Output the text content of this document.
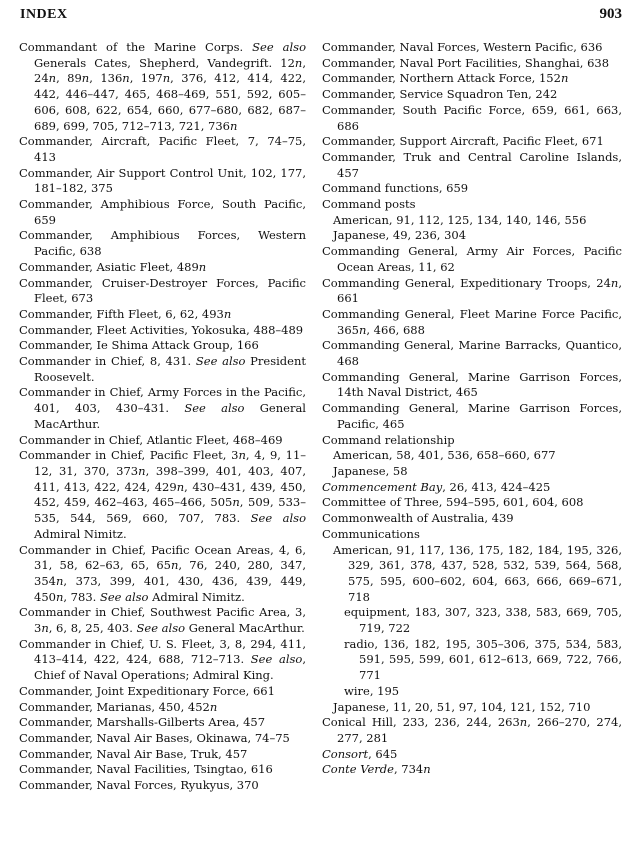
INDEX	903

Commandant of the Marine Corps. See also Generals Cates, Shepherd, Vandegrift. 12n, 24n, 89n, 136n, 197n, 376, 412, 414, 422, 442, 446–447, 465, 468–469, 551, 592, 605–606, 608, 622, 654, 660, 677–680, 682, 687–689, 699, 705, 712–713, 721, 736n

Commander, Aircraft, Pacific Fleet, 7, 74–75, 413

Commander, Air Support Control Unit, 102, 177, 181–182, 375

Commander, Amphibious Force, South Pacific, 659

Commander, Amphibious Forces, Western Pacific, 638

Commander, Asiatic Fleet, 489n

Commander, Cruiser-Destroyer Forces, Pacific Fleet, 673

Commander, Fifth Fleet, 6, 62, 493n

Commander, Fleet Activities, Yokosuka, 488–489

Commander, Ie Shima Attack Group, 166

Commander in Chief, 8, 431. See also President Roosevelt.

Commander in Chief, Army Forces in the Pacific, 401, 403, 430–431. See also General MacArthur.

Commander in Chief, Atlantic Fleet, 468–469

Commander in Chief, Pacific Fleet, 3n, 4, 9, 11–12, 31, 370, 373n, 398–399, 401, 403, 407, 411, 413, 422, 424, 429n, 430–431, 439, 450, 452, 459, 462–463, 465–466, 505n, 509, 533–535, 544, 569, 660, 707, 783. See also Admiral Nimitz.

Commander in Chief, Pacific Ocean Areas, 4, 6, 31, 58, 62–63, 65, 65n, 76, 240, 280, 347, 354n, 373, 399, 401, 430, 436, 439, 449, 450n, 783. See also Admiral Nimitz.

Commander in Chief, Southwest Pacific Area, 3, 3n, 6, 8, 25, 403. See also General MacArthur.

Commander in Chief, U. S. Fleet, 3, 8, 294, 411, 413–414, 422, 424, 688, 712–713. See also, Chief of Naval Operations; Admiral King.

Commander, Joint Expeditionary Force, 661

Commander, Marianas, 450, 452n

Commander, Marshalls-Gilberts Area, 457

Commander, Naval Air Bases, Okinawa, 74–75

Commander, Naval Air Base, Truk, 457

Commander, Naval Facilities, Tsingtao, 616

Commander, Naval Forces, Ryukyus, 370

Commander, Naval Forces, Western Pacific, 636

Commander, Naval Port Facilities, Shanghai, 638

Commander, Northern Attack Force, 152n

Commander, Service Squadron Ten, 242

Commander, South Pacific Force, 659, 661, 663, 686

Commander, Support Aircraft, Pacific Fleet, 671

Commander, Truk and Central Caroline Islands, 457

Command functions, 659

Command posts

American, 91, 112, 125, 134, 140, 146, 556

Japanese, 49, 236, 304

Commanding General, Army Air Forces, Pacific Ocean Areas, 11, 62

Commanding General, Expeditionary Troops, 24n, 661

Commanding General, Fleet Marine Force Pacific, 365n, 466, 688

Commanding General, Marine Barracks, Quantico, 468

Commanding General, Marine Garrison Forces, 14th Naval District, 465

Commanding General, Marine Garrison Forces, Pacific, 465

Command relationship

American, 58, 401, 536, 658–660, 677

Japanese, 58

Commencement Bay, 26, 413, 424–425

Committee of Three, 594–595, 601, 604, 608

Commonwealth of Australia, 439

Communications

American, 91, 117, 136, 175, 182, 184, 195, 326, 329, 361, 378, 437, 528, 532, 539, 564, 568, 575, 595, 600–602, 604, 663, 666, 669–671, 718

equipment, 183, 307, 323, 338, 583, 669, 705, 719, 722

radio, 136, 182, 195, 305–306, 375, 534, 583, 591, 595, 599, 601, 612–613, 669, 722, 766, 771

wire, 195

Japanese, 11, 20, 51, 97, 104, 121, 152, 710

Conical Hill, 233, 236, 244, 263n, 266–270, 274, 277, 281

Consort, 645

Conte Verde, 734n
